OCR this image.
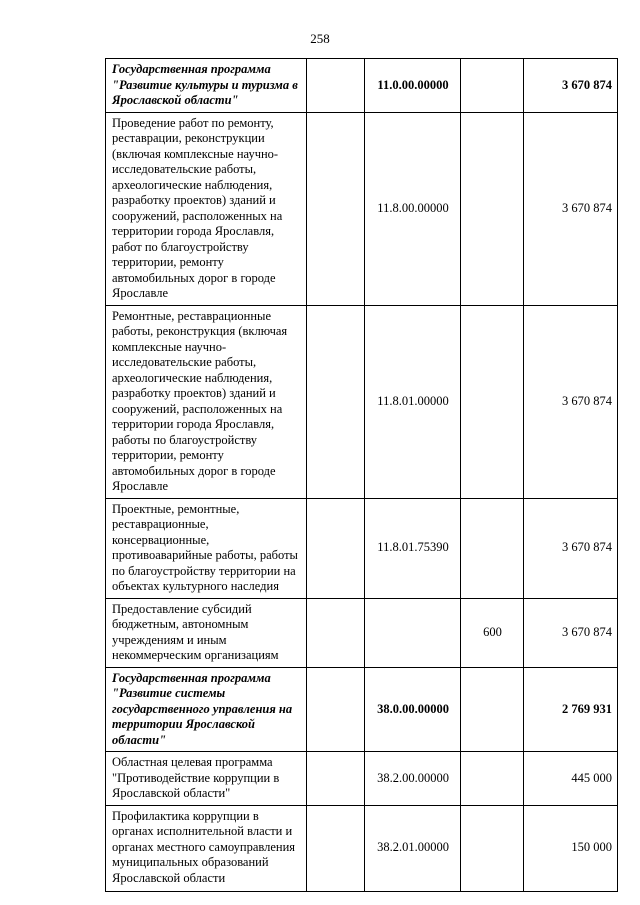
258
Государственная программа "Развитие культуры и туризма в Ярославской области"		11.0.00.00000		3 670 874
Проведение работ по ремонту, реставрации, реконструкции (включая комплексные научно-исследовательские работы, археологические наблюдения, разработку проектов) зданий и сооружений, расположенных на территории города Ярославля, работ по благоустройству территории, ремонту автомобильных дорог в городе Ярославле		11.8.00.00000		3 670 874
Ремонтные, реставрационные работы, реконструкция (включая комплексные научно-исследовательские работы, археологические наблюдения, разработку проектов) зданий и сооружений, расположенных на территории города Ярославля, работы по благоустройству территории, ремонту автомобильных дорог в городе Ярославле		11.8.01.00000		3 670 874
Проектные, ремонтные, реставрационные, консервационные, противоаварийные работы, работы по благоустройству территории на объектах культурного наследия		11.8.01.75390		3 670 874
Предоставление субсидий бюджетным, автономным учреждениям и иным некоммерческим организациям			600	3 670 874
Государственная программа "Развитие системы государственного управления на территории Ярославской области"		38.0.00.00000		2 769 931
Областная целевая программа "Противодействие коррупции в Ярославской области"		38.2.00.00000		445 000
Профилактика коррупции в органах исполнительной власти и органах местного самоуправления муниципальных образований Ярославской области		38.2.01.00000		150 000
